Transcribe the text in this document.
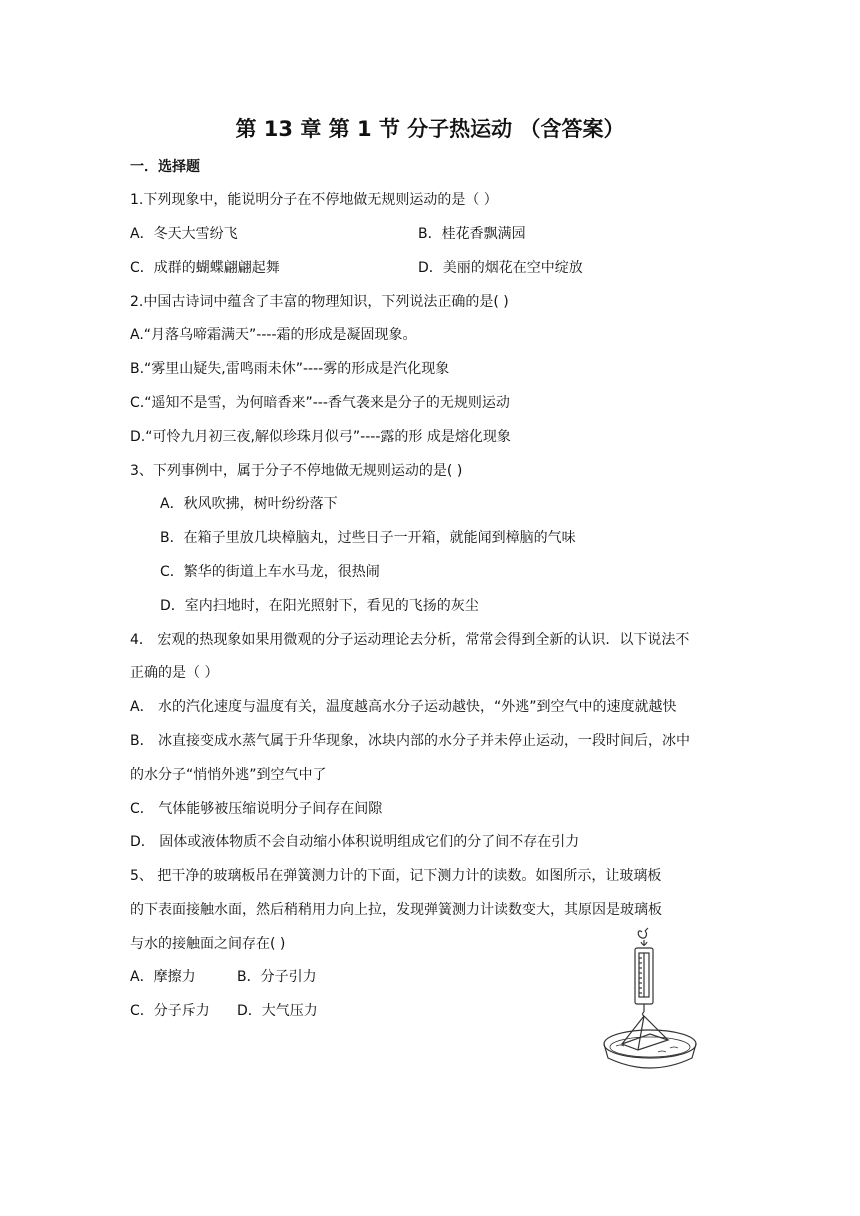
第 13 章 第 1 节 分子热运动 （含答案）
一．选择题
1.下列现象中，能说明分子在不停地做无规则运动的是（ ）
A．冬天大雪纷飞	B．桂花香飘满园
C．成群的蝴蝶翩翩起舞	D．美丽的烟花在空中绽放
2.中国古诗词中蕴含了丰富的物理知识，下列说法正确的是( )
A.“月落乌啼霜满天”----霜的形成是凝固现象。
B.“雾里山疑失,雷鸣雨未休”----雾的形成是汽化现象
C.“遥知不是雪，为何暗香来”---香气袭来是分子的无规则运动
D.“可怜九月初三夜,解似珍珠月似弓”----露的形 成是熔化现象
3、下列事例中，属于分子不停地做无规则运动的是( )
A．秋风吹拂，树叶纷纷落下
B．在箱子里放几块樟脑丸，过些日子一开箱，就能闻到樟脑的气味
C．繁华的街道上车水马龙，很热闹
D．室内扫地时，在阳光照射下，看见的飞扬的灰尘
4． 宏观的热现象如果用微观的分子运动理论去分析，常常会得到全新的认识．以下说法不
正确的是（ ）
A． 水的汽化速度与温度有关，温度越高水分子运动越快，“外逃”到空气中的速度就越快
B． 冰直接变成水蒸气属于升华现象，冰块内部的水分子并未停止运动，一段时间后，冰中
的水分子“悄悄外逃”到空气中了
C． 气体能够被压缩说明分子间存在间隙
D． 固体或液体物质不会自动缩小体积说明组成它们的分了间不存在引力
5、 把干净的玻璃板吊在弹簧测力计的下面，记下测力计的读数。如图所示，让玻璃板
的下表面接触水面，然后稍稍用力向上拉，发现弹簧测力计读数变大，其原因是玻璃板
与水的接触面之间存在( )
A．摩擦力	B．分子引力
C．分子斥力 D．大气压力
